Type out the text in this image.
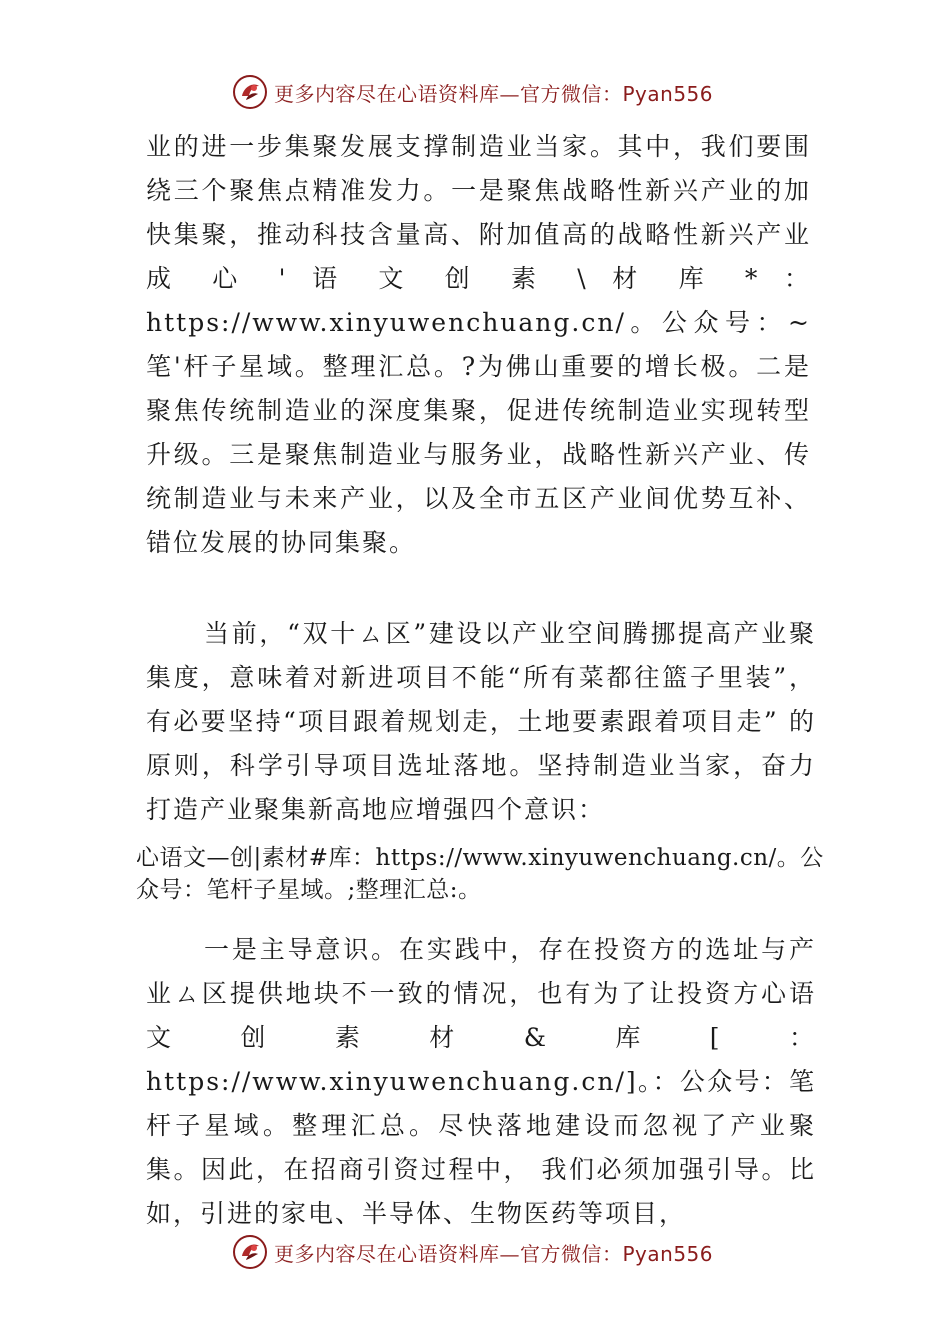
更多内容尽在心语资料库—官方微信：Pyan556

业的进一步集聚发展支撑制造业当家。其中，我们要围绕三个聚焦点精准发力。一是聚焦战略性新兴产业的加快集聚，推动科技含量高、附加值高的战略性新兴产业成 心 ' 语 文 创 素 \ 材 库 * ： https://www.xinyuwenchuang.cn/。公众号：~笔'杆子星域。整理汇总。?为佛山重要的增长极。二是聚焦传统制造业的深度集聚，促进传统制造业实现转型升级。三是聚焦制造业与服务业，战略性新兴产业、传统制造业与未来产业，以及全市五区产业间优势互补、错位发展的协同集聚。

当前，“双十ㄙ区”建设以产业空间腾挪提高产业聚集度，意味着对新进项目不能“所有菜都往篮子里装”，有必要坚持“项目跟着规划走，土地要素跟着项目走” 的原则，科学引导项目选址落地。坚持制造业当家，奋力打造产业聚集新高地应增强四个意识：

心语文—创|素材#库：https://www.xinyuwenchuang.cn/。公众号：笔杆子星域。;整理汇总:。

一是主导意识。在实践中，存在投资方的选址与产业ㄙ区提供地块不一致的情况，也有为了让投资方心语文创素材&库[：https://www.xinyuwenchuang.cn/]。：公众号：笔杆子星域。整理汇总。尽快落地建设而忽视了产业聚集。因此，在招商引资过程中， 我们必须加强引导。比如，引进的家电、半导体、生物医药等项目，

更多内容尽在心语资料库—官方微信：Pyan556
